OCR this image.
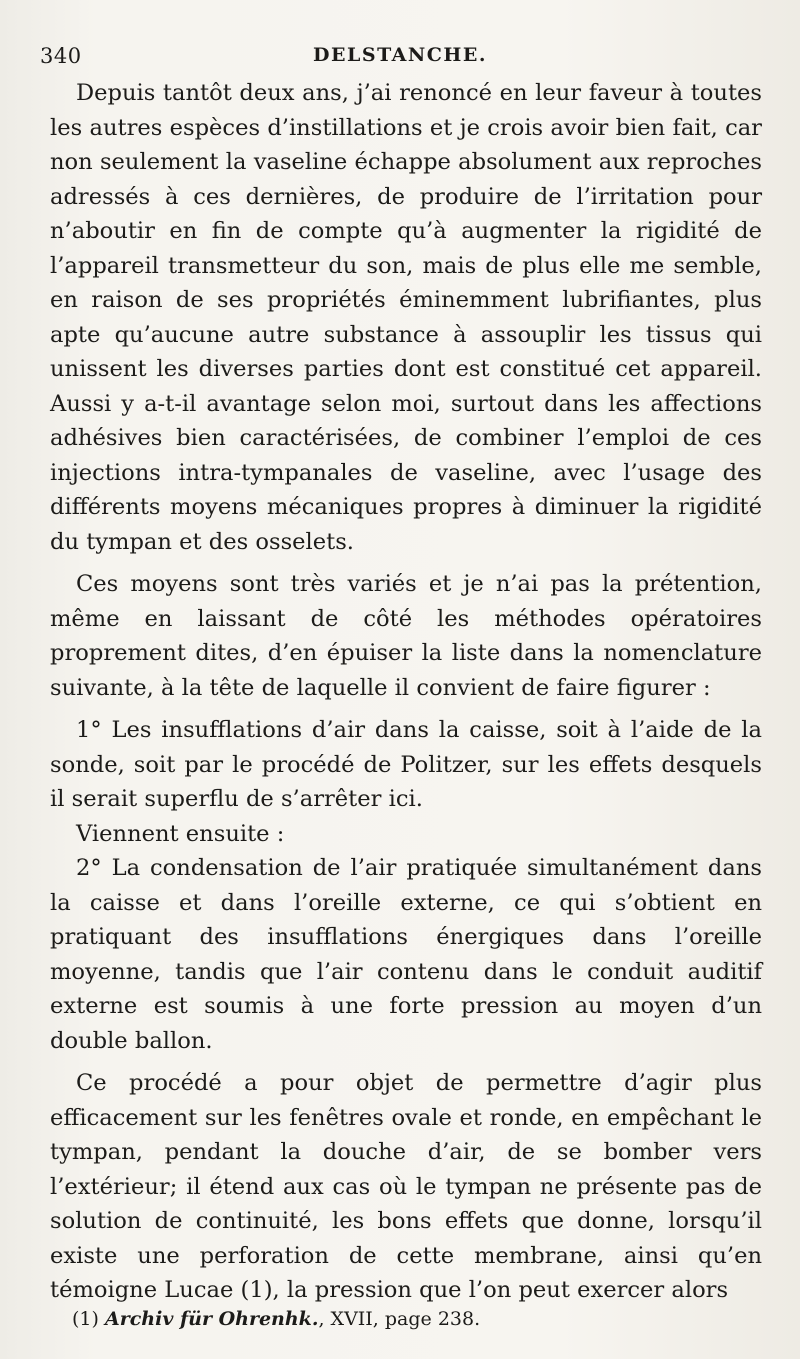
340	DELSTANCHE.

Depuis tantôt deux ans, j’ai renoncé en leur faveur à toutes les autres espèces d’instillations et je crois avoir bien fait, car non seulement la vaseline échappe absolument aux reproches adressés à ces dernières, de produire de l’irritation pour n’aboutir en fin de compte qu’à augmenter la rigidité de l’appareil transmetteur du son, mais de plus elle me semble, en raison de ses propriétés éminemment lubrifiantes, plus apte qu’aucune autre substance à assouplir les tissus qui unissent les diverses parties dont est constitué cet appareil. Aussi y a-t-il avantage selon moi, surtout dans les affections adhésives bien caractérisées, de combiner l’emploi de ces injections intra-tympanales de vaseline, avec l’usage des différents moyens mécaniques propres à diminuer la rigidité du tympan et des osselets.

Ces moyens sont très variés et je n’ai pas la prétention, même en laissant de côté les méthodes opératoires proprement dites, d’en épuiser la liste dans la nomenclature suivante, à la tête de laquelle il convient de faire figurer :

1° Les insufflations d’air dans la caisse, soit à l’aide de la sonde, soit par le procédé de Politzer, sur les effets desquels il serait superflu de s’arrêter ici.

Viennent ensuite :

2° La condensation de l’air pratiquée simultanément dans la caisse et dans l’oreille externe, ce qui s’obtient en pratiquant des insufflations énergiques dans l’oreille moyenne, tandis que l’air contenu dans le conduit auditif externe est soumis à une forte pression au moyen d’un double ballon.

Ce procédé a pour objet de permettre d’agir plus efficacement sur les fenêtres ovale et ronde, en empêchant le tympan, pendant la douche d’air, de se bomber vers l’extérieur; il étend aux cas où le tympan ne présente pas de solution de continuité, les bons effets que donne, lorsqu’il existe une perforation de cette membrane, ainsi qu’en témoigne Lucae (1), la pression que l’on peut exercer alors

(1) Archiv für Ohrenhk., XVII, page 238.
